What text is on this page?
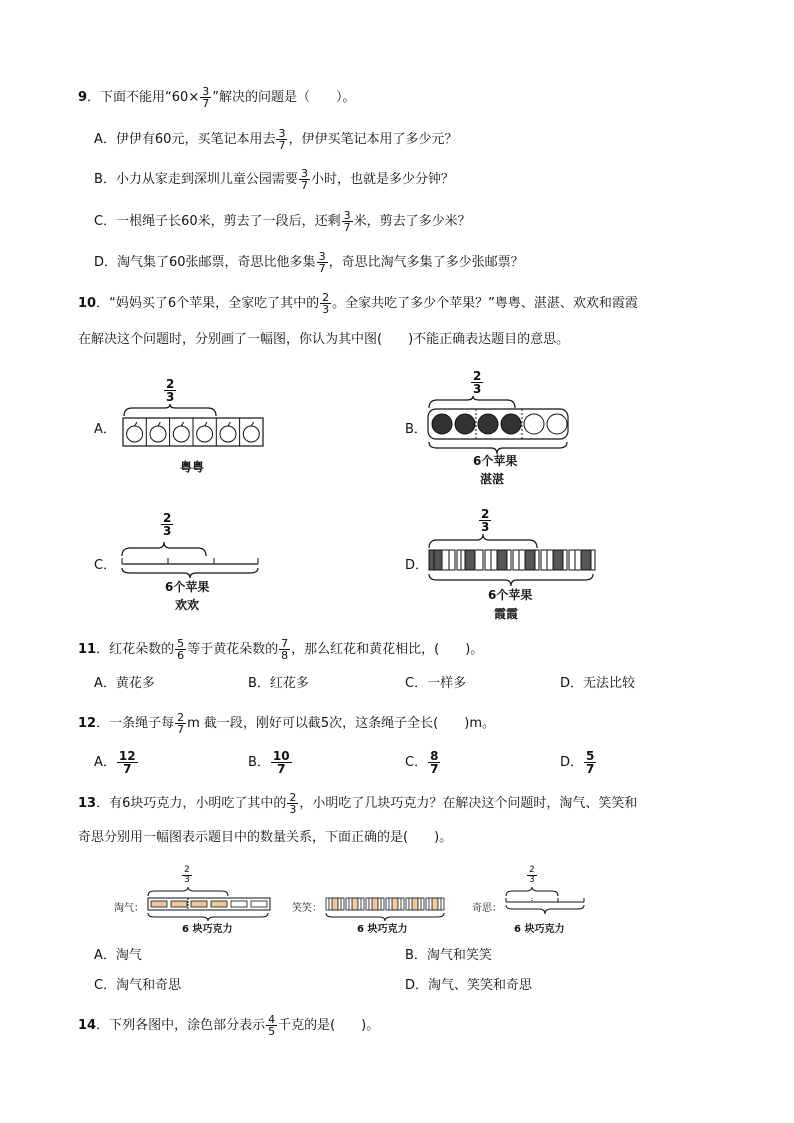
9．下面不能用“$60\times \frac{3}{7}$ ”解决的问题是（　　）。
A．伊伊有60元，买笔记本用去 $\frac{3}{7}$ ，伊伊买笔记本用了多少元？
B．小力从家走到深圳儿童公园需要 $\frac{3}{7}$ 小时，也就是多少分钟？
C．一根绳子长60米，剪去了一段后，还剩 $\frac{3}{7}$ 米，剪去了多少米？
D．淘气集了60张邮票，奇思比他多集 $\frac{3}{7}$ ，奇思比淘气多集了多少张邮票？
10．“妈妈买了6个苹果，全家吃了其中的 $\frac{2}{3}$ 。全家共吃了多少个苹果？”粤粤、湛湛、欢欢和霞霞
在解决这个问题时，分别画了一幅图，你认为其中图(　　)不能正确表达题目的意思。
A．
2
3
粤粤
B．
2
3
6个苹果
湛湛
C．
2
3
6个苹果
欢欢
D．
2
3
6个苹果
霞霞
11．红花朵数的 $\frac{5}{6}$ 等于黄花朵数的 $\frac{7}{8}$ ，那么红花和黄花相比，(　　)。
A．黄花多	B．红花多	C．一样多	D．无法比较
12．一条绳子每 $\frac{2}{7}$ m 截一段，刚好可以截5次，这条绳子全长(　　)m。
A． $\frac{12}{7}$	B． $\frac{10}{7}$	C． $\frac{8}{7}$	D． $\frac{5}{7}$
13．有6块巧克力，小明吃了其中的 $\frac{2}{3}$ ，小明吃了几块巧克力？在解决这个问题时，淘气、笑笑和
奇思分别用一幅图表示题目中的数量关系，下面正确的是(　　)。
淘气：
2
3
6 块巧克力
笑笑：
6 块巧克力
奇思：
2
3
6 块巧克力
A．淘气	B．淘气和笑笑
C．淘气和奇思	D．淘气、笑笑和奇思
14．下列各图中，涂色部分表示 $\frac{4}{5}$ 千克的是(　　)。
